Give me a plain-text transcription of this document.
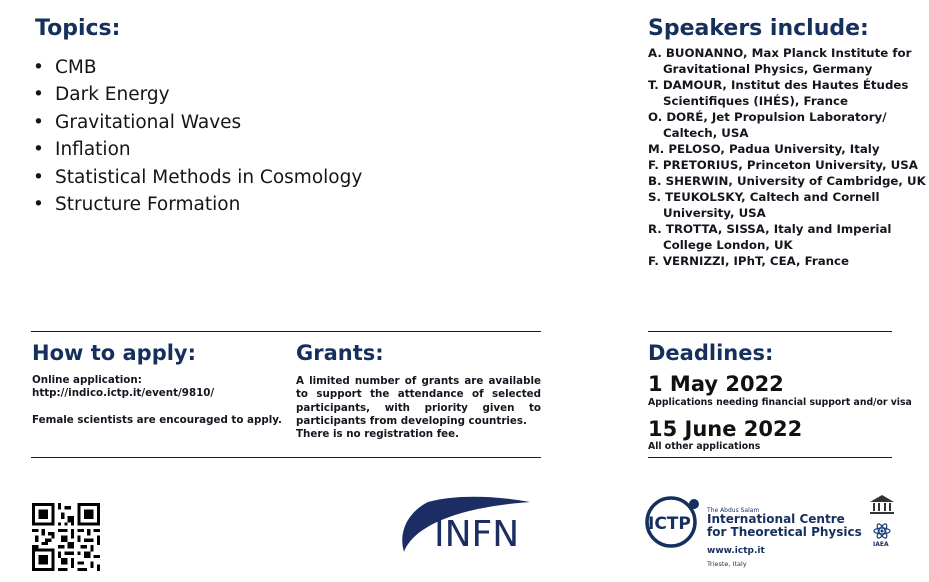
Topics:
• CMB
• Dark Energy
• Gravitational Waves
• Inflation
• Statistical Methods in Cosmology
• Structure Formation
Speakers include:
A. BUONANNO, Max Planck Institute for
Gravitational Physics, Germany
T. DAMOUR, Institut des Hautes Études
Scientifiques (IHÉS), France
O. DORÉ, Jet Propulsion Laboratory/
Caltech, USA
M. PELOSO, Padua University, Italy
F. PRETORIUS, Princeton University, USA
B. SHERWIN, University of Cambridge, UK
S. TEUKOLSKY, Caltech and Cornell
University, USA
R. TROTTA, SISSA, Italy and Imperial
College London, UK
F. VERNIZZI, IPhT, CEA, France
How to apply:
Online application:
http://indico.ictp.it/event/9810/
Female scientists are encouraged to apply.
Grants:
A limited number of grants are available to support the attendance of selected participants, with priority given to participants from developing countries.
There is no registration fee.
Deadlines:
1 May 2022
Applications needing financial support and/or visa
15 June 2022
All other applications
INFN	ICTP
The Abdus Salam
International Centre
for Theoretical Physics
www.ictp.it
Trieste, Italy
IAEA
